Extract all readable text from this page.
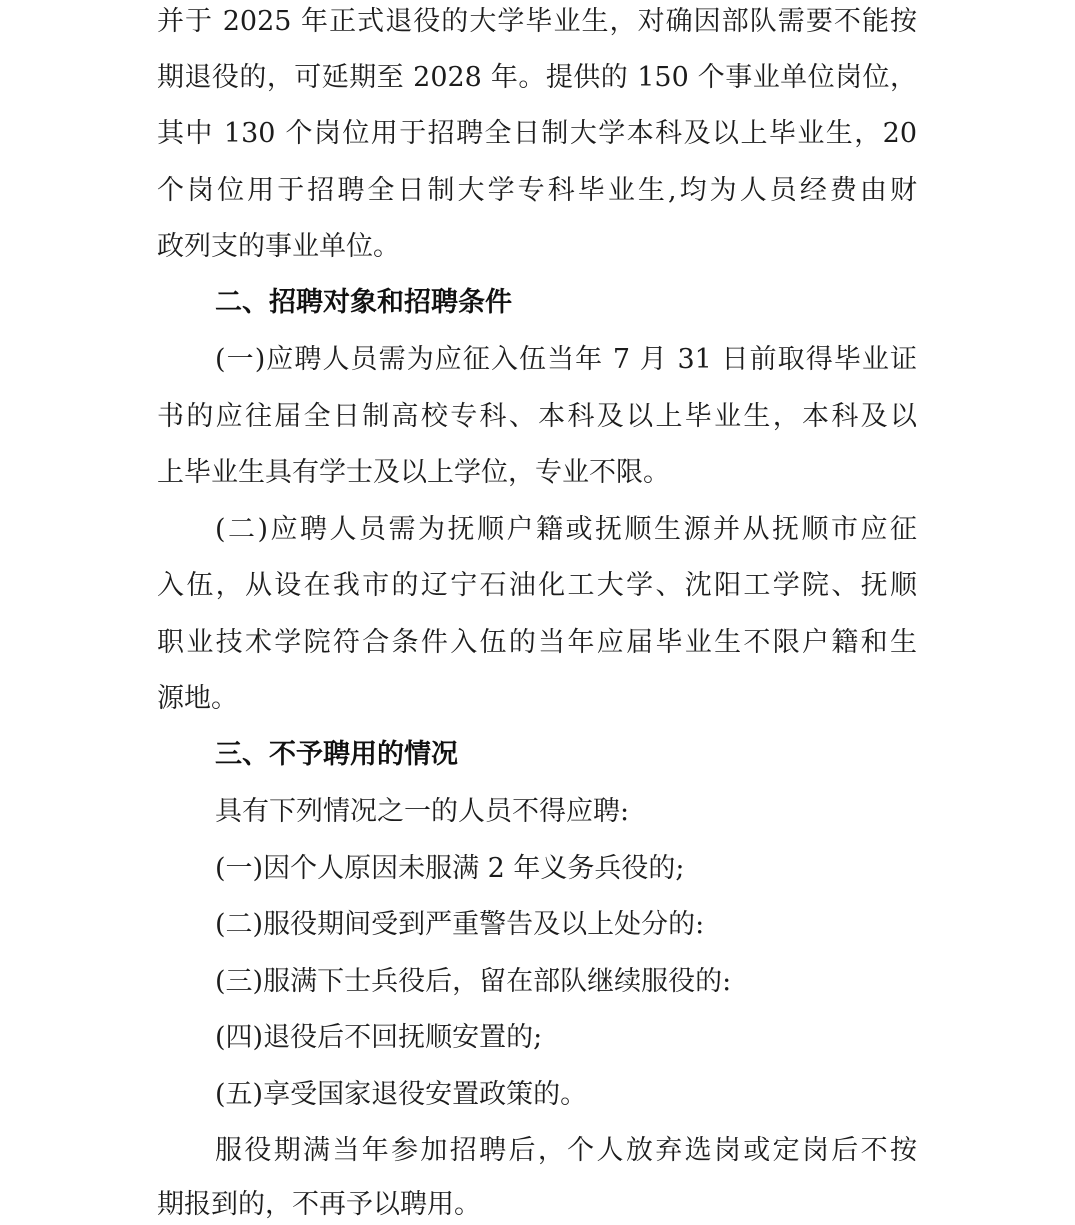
并于 2025 年正式退役的大学毕业生，对确因部队需要不能按
期退役的，可延期至 2028 年。提供的 150 个事业单位岗位，
其中 130 个岗位用于招聘全日制大学本科及以上毕业生，20
个岗位用于招聘全日制大学专科毕业生,均为人员经费由财
政列支的事业单位。
二、招聘对象和招聘条件
(一)应聘人员需为应征入伍当年 7 月 31 日前取得毕业证
书的应往届全日制高校专科、本科及以上毕业生，本科及以
上毕业生具有学士及以上学位，专业不限。
(二)应聘人员需为抚顺户籍或抚顺生源并从抚顺市应征
入伍，从设在我市的辽宁石油化工大学、沈阳工学院、抚顺
职业技术学院符合条件入伍的当年应届毕业生不限户籍和生
源地。
三、不予聘用的情况
具有下列情况之一的人员不得应聘:
(一)因个人原因未服满 2 年义务兵役的;
(二)服役期间受到严重警告及以上处分的:
(三)服满下士兵役后，留在部队继续服役的:
(四)退役后不回抚顺安置的;
(五)享受国家退役安置政策的。
服役期满当年参加招聘后，个人放弃选岗或定岗后不按
期报到的，不再予以聘用。
